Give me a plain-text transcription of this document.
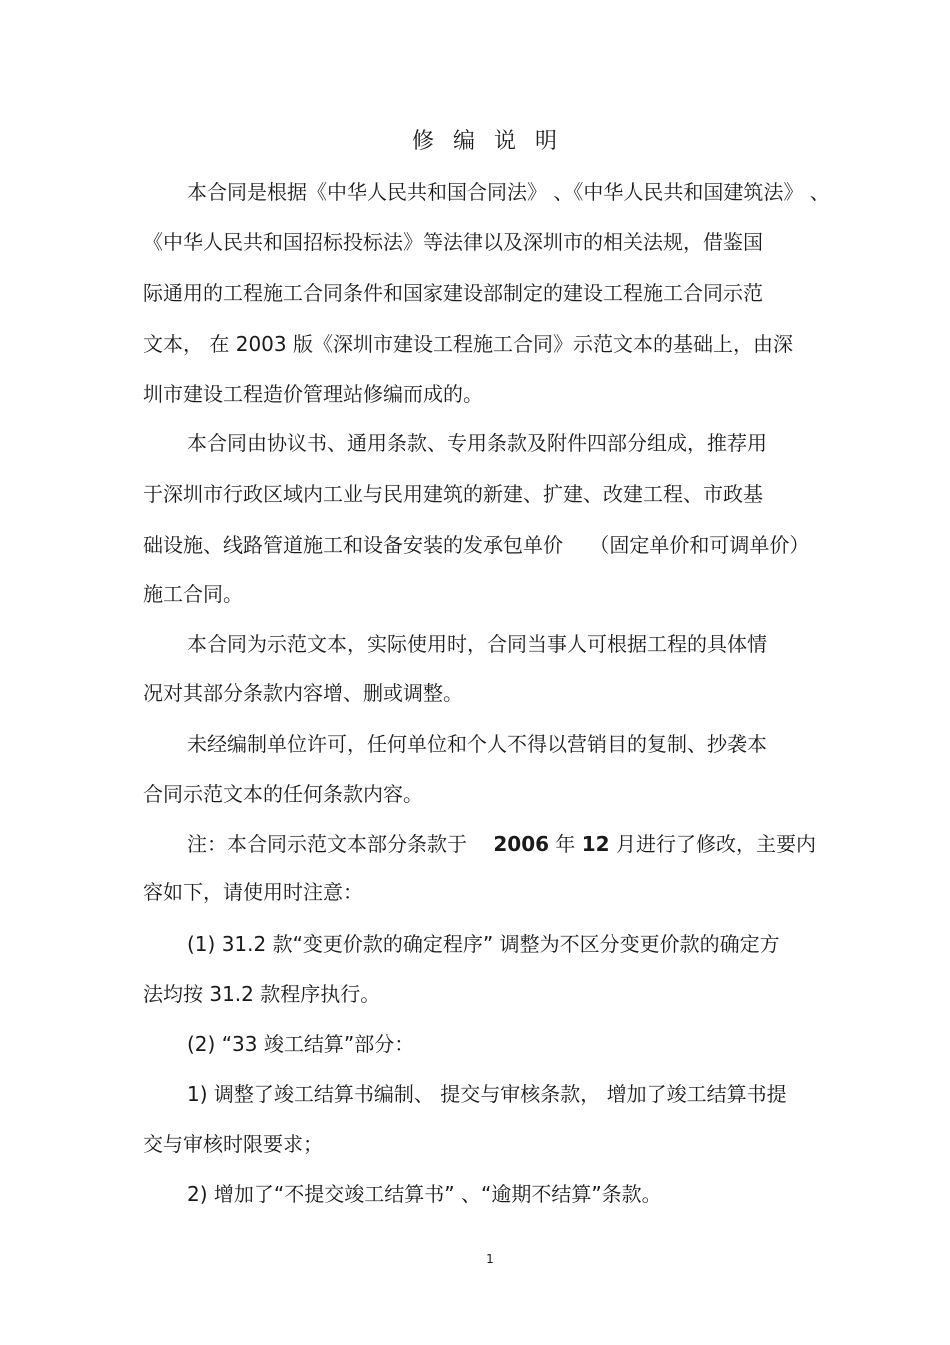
修 编 说 明
本合同是根据《中华人民共和国合同法》 、《中华人民共和国建筑法》 、
《中华人民共和国招标投标法》等法律以及深圳市的相关法规，借鉴国
际通用的工程施工合同条件和国家建设部制定的建设工程施工合同示范
文本， 在 2003 版《深圳市建设工程施工合同》示范文本的基础上，由深
圳市建设工程造价管理站修编而成的。
本合同由协议书、通用条款、专用条款及附件四部分组成，推荐用
于深圳市行政区域内工业与民用建筑的新建、扩建、改建工程、市政基
础设施、线路管道施工和设备安装的发承包单价　 （固定单价和可调单价）
施工合同。
本合同为示范文本，实际使用时，合同当事人可根据工程的具体情
况对其部分条款内容增、删或调整。
未经编制单位许可，任何单位和个人不得以营销目的复制、抄袭本
合同示范文本的任何条款内容。
注：本合同示范文本部分条款于　 2006 年 12 月进行了修改，主要内
容如下，请使用时注意：
(1) 31.2 款“变更价款的确定程序” 调整为不区分变更价款的确定方
法均按 31.2 款程序执行。
(2) “33 竣工结算”部分：
1) 调整了竣工结算书编制、 提交与审核条款， 增加了竣工结算书提
交与审核时限要求；
2) 增加了“不提交竣工结算书” 、“逾期不结算”条款。
1
